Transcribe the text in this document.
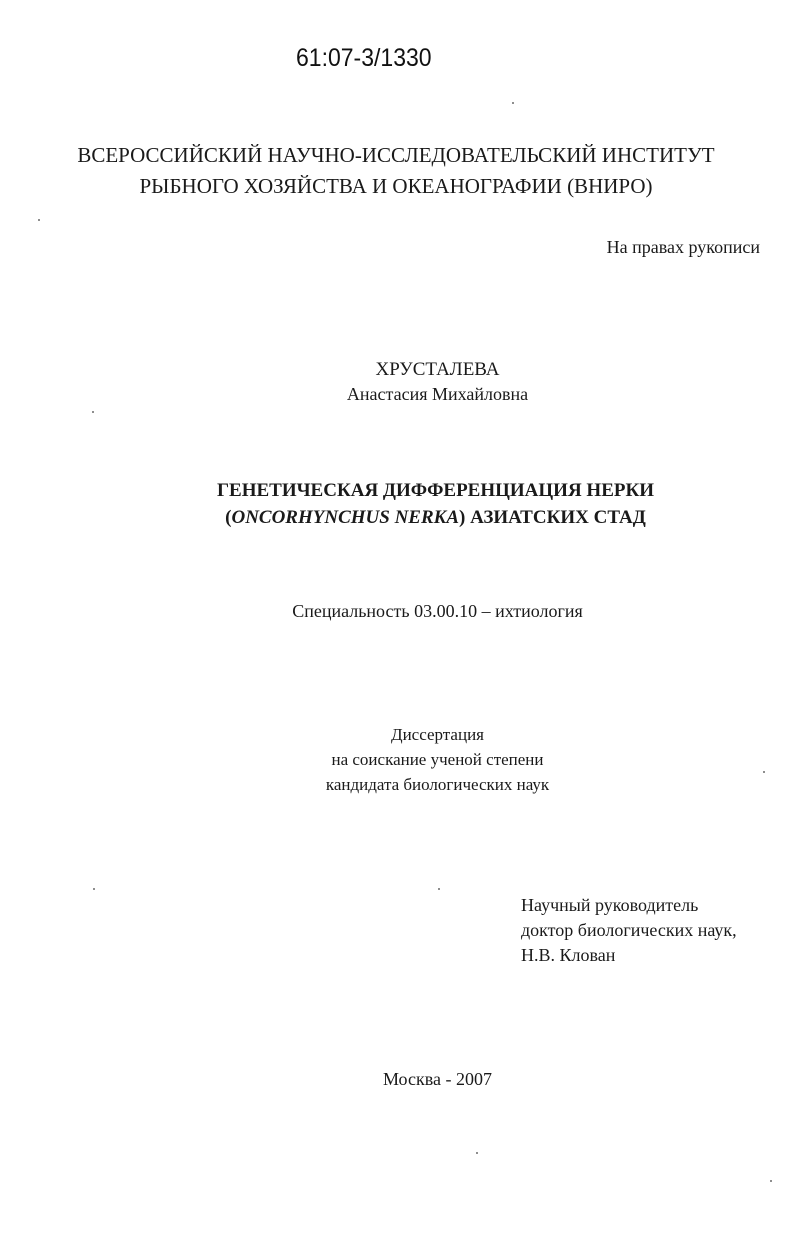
61:07-3/1330
ВСЕРОССИЙСКИЙ НАУЧНО-ИССЛЕДОВАТЕЛЬСКИЙ ИНСТИТУТ
РЫБНОГО ХОЗЯЙСТВА И ОКЕАНОГРАФИИ (ВНИРО)
На правах рукописи
ХРУСТАЛЕВА
Анастасия Михайловна
ГЕНЕТИЧЕСКАЯ ДИФФЕРЕНЦИАЦИЯ НЕРКИ
(ONCORHYNCHUS NERKA) АЗИАТСКИХ СТАД
Специальность 03.00.10 – ихтиология
Диссертация
на соискание ученой степени
кандидата биологических наук
Научный руководитель
доктор биологических наук,
Н.В. Клован
Москва - 2007
